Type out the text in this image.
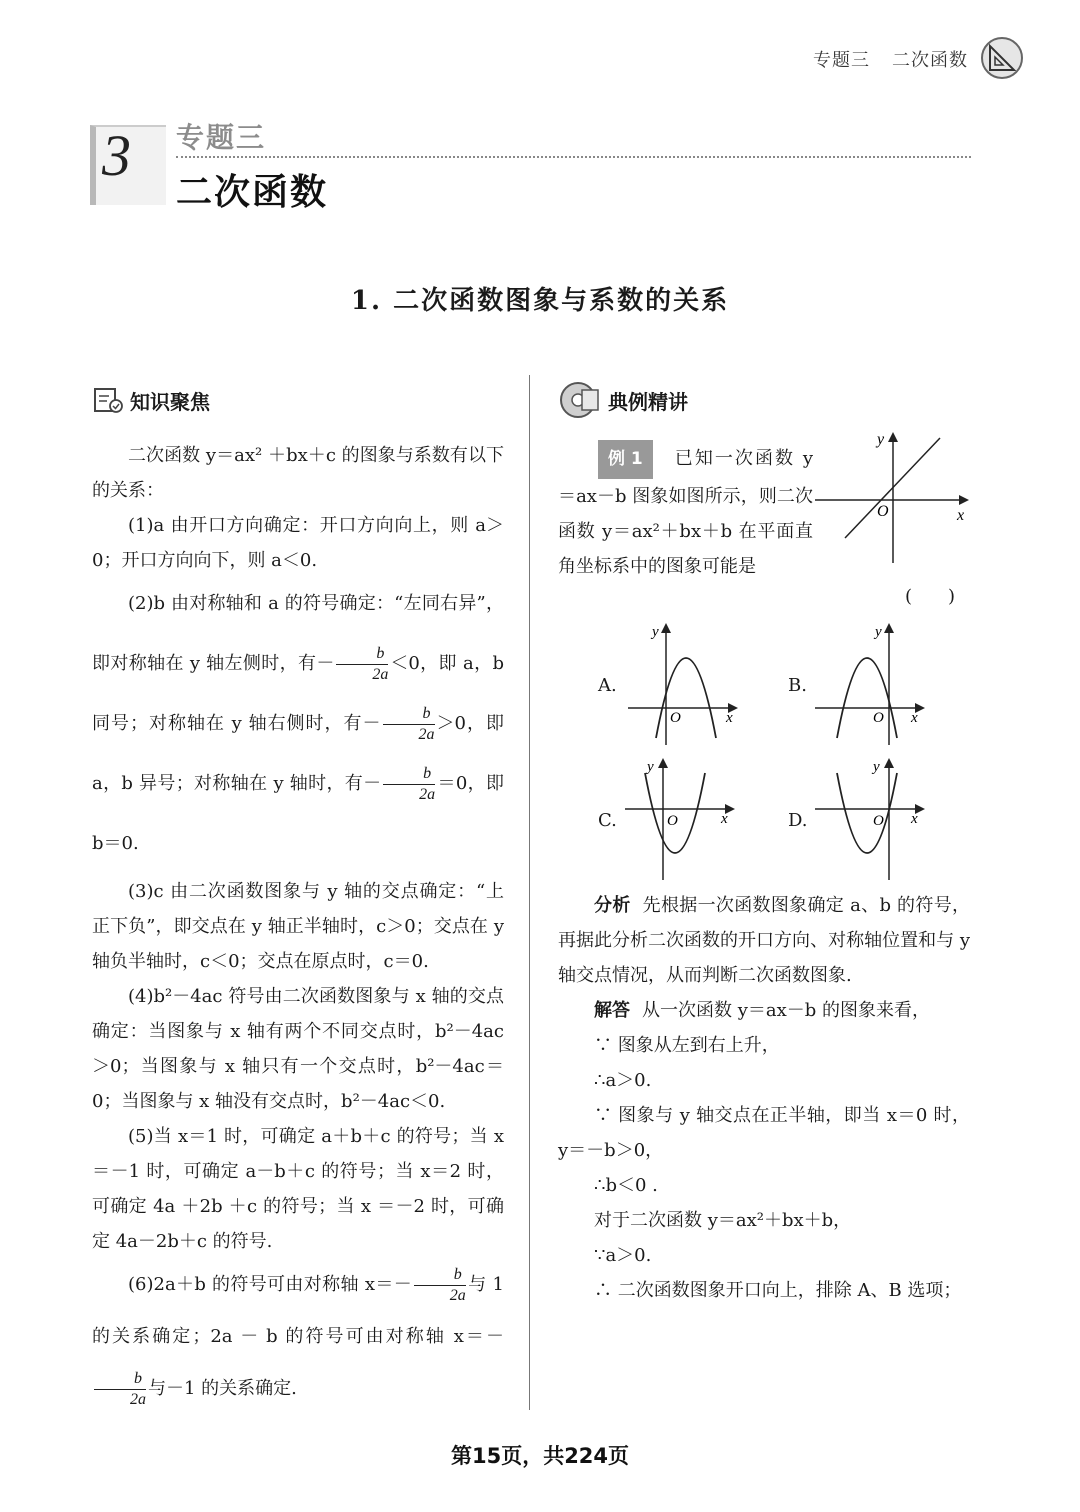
专题三 二次函数
3 专题三
二次函数
1. 二次函数图象与系数的关系
知识聚焦

二次函数 y＝ax² ＋bx＋c 的图象与系数有以下的关系：

(1)a 由开口方向确定：开口方向向上，则 a＞0；开口方向向下，则 a＜0.

(2)b 由对称轴和 a 的符号确定：“左同右异”，即对称轴在 y 轴左侧时，有－ $\frac{b}{2a} <0$，即 a，b 同号；对称轴在 y 轴右侧时，有－ $\frac{b}{2a} >0$，即 a，b 异号；对称轴在 y 轴时，有－ $\frac{b}{2a} =0$，即 b＝0.

(3)c 由二次函数图象与 y 轴的交点确定：“上正下负”，即交点在 y 轴正半轴时，c＞0；交点在 y 轴负半轴时，c＜0；交点在原点时，c＝0.

(4)b²－4ac 符号由二次函数图象与 x 轴的交点确定：当图象与 x 轴有两个不同交点时，b²－4ac＞0；当图象与 x 轴只有一个交点时，b²－4ac＝0；当图象与 x 轴没有交点时，b²－4ac＜0.

(5)当 x＝1 时，可确定 a＋b＋c 的符号；当 x＝－1 时，可确定 a－b＋c 的符号；当 x＝2 时，可确定 4a ＋2b ＋c 的符号；当 x ＝－2 时，可确定 4a－2b＋c 的符号.

(6)2a＋b 的符号可由对称轴 $x=- \frac{b}{2a}$ 与 1 的关系确定；2a － b 的符号可由对称轴 x＝－
$\frac{b}{2a}$ 与－1 的关系确定.

典例精讲

例 1 已知一次函数 y＝ax－b 图象如图所示，则二次函数 y＝ax²＋bx＋b 在平面直角坐标系中的图象可能是

(　　)
x
y
O
A.
x
y
O
B.
x
y
O
C.	x
y
O	D.	x
y
O

分析 先根据一次函数图象确定 a、b 的符号，再据此分析二次函数的开口方向、对称轴位置和与 y 轴交点情况，从而判断二次函数图象.

解答 从一次函数 y＝ax－b 的图象来看，

∵ 图象从左到右上升，

∴a＞0.

∵ 图象与 y 轴交点在正半轴，即当 x＝0 时，y＝－b＞0，

∴b＜0 .

对于二次函数 y＝ax²＋bx＋b，

∵a＞0.

∴ 二次函数图象开口向上，排除 A、B 选项；

第15页，共224页
